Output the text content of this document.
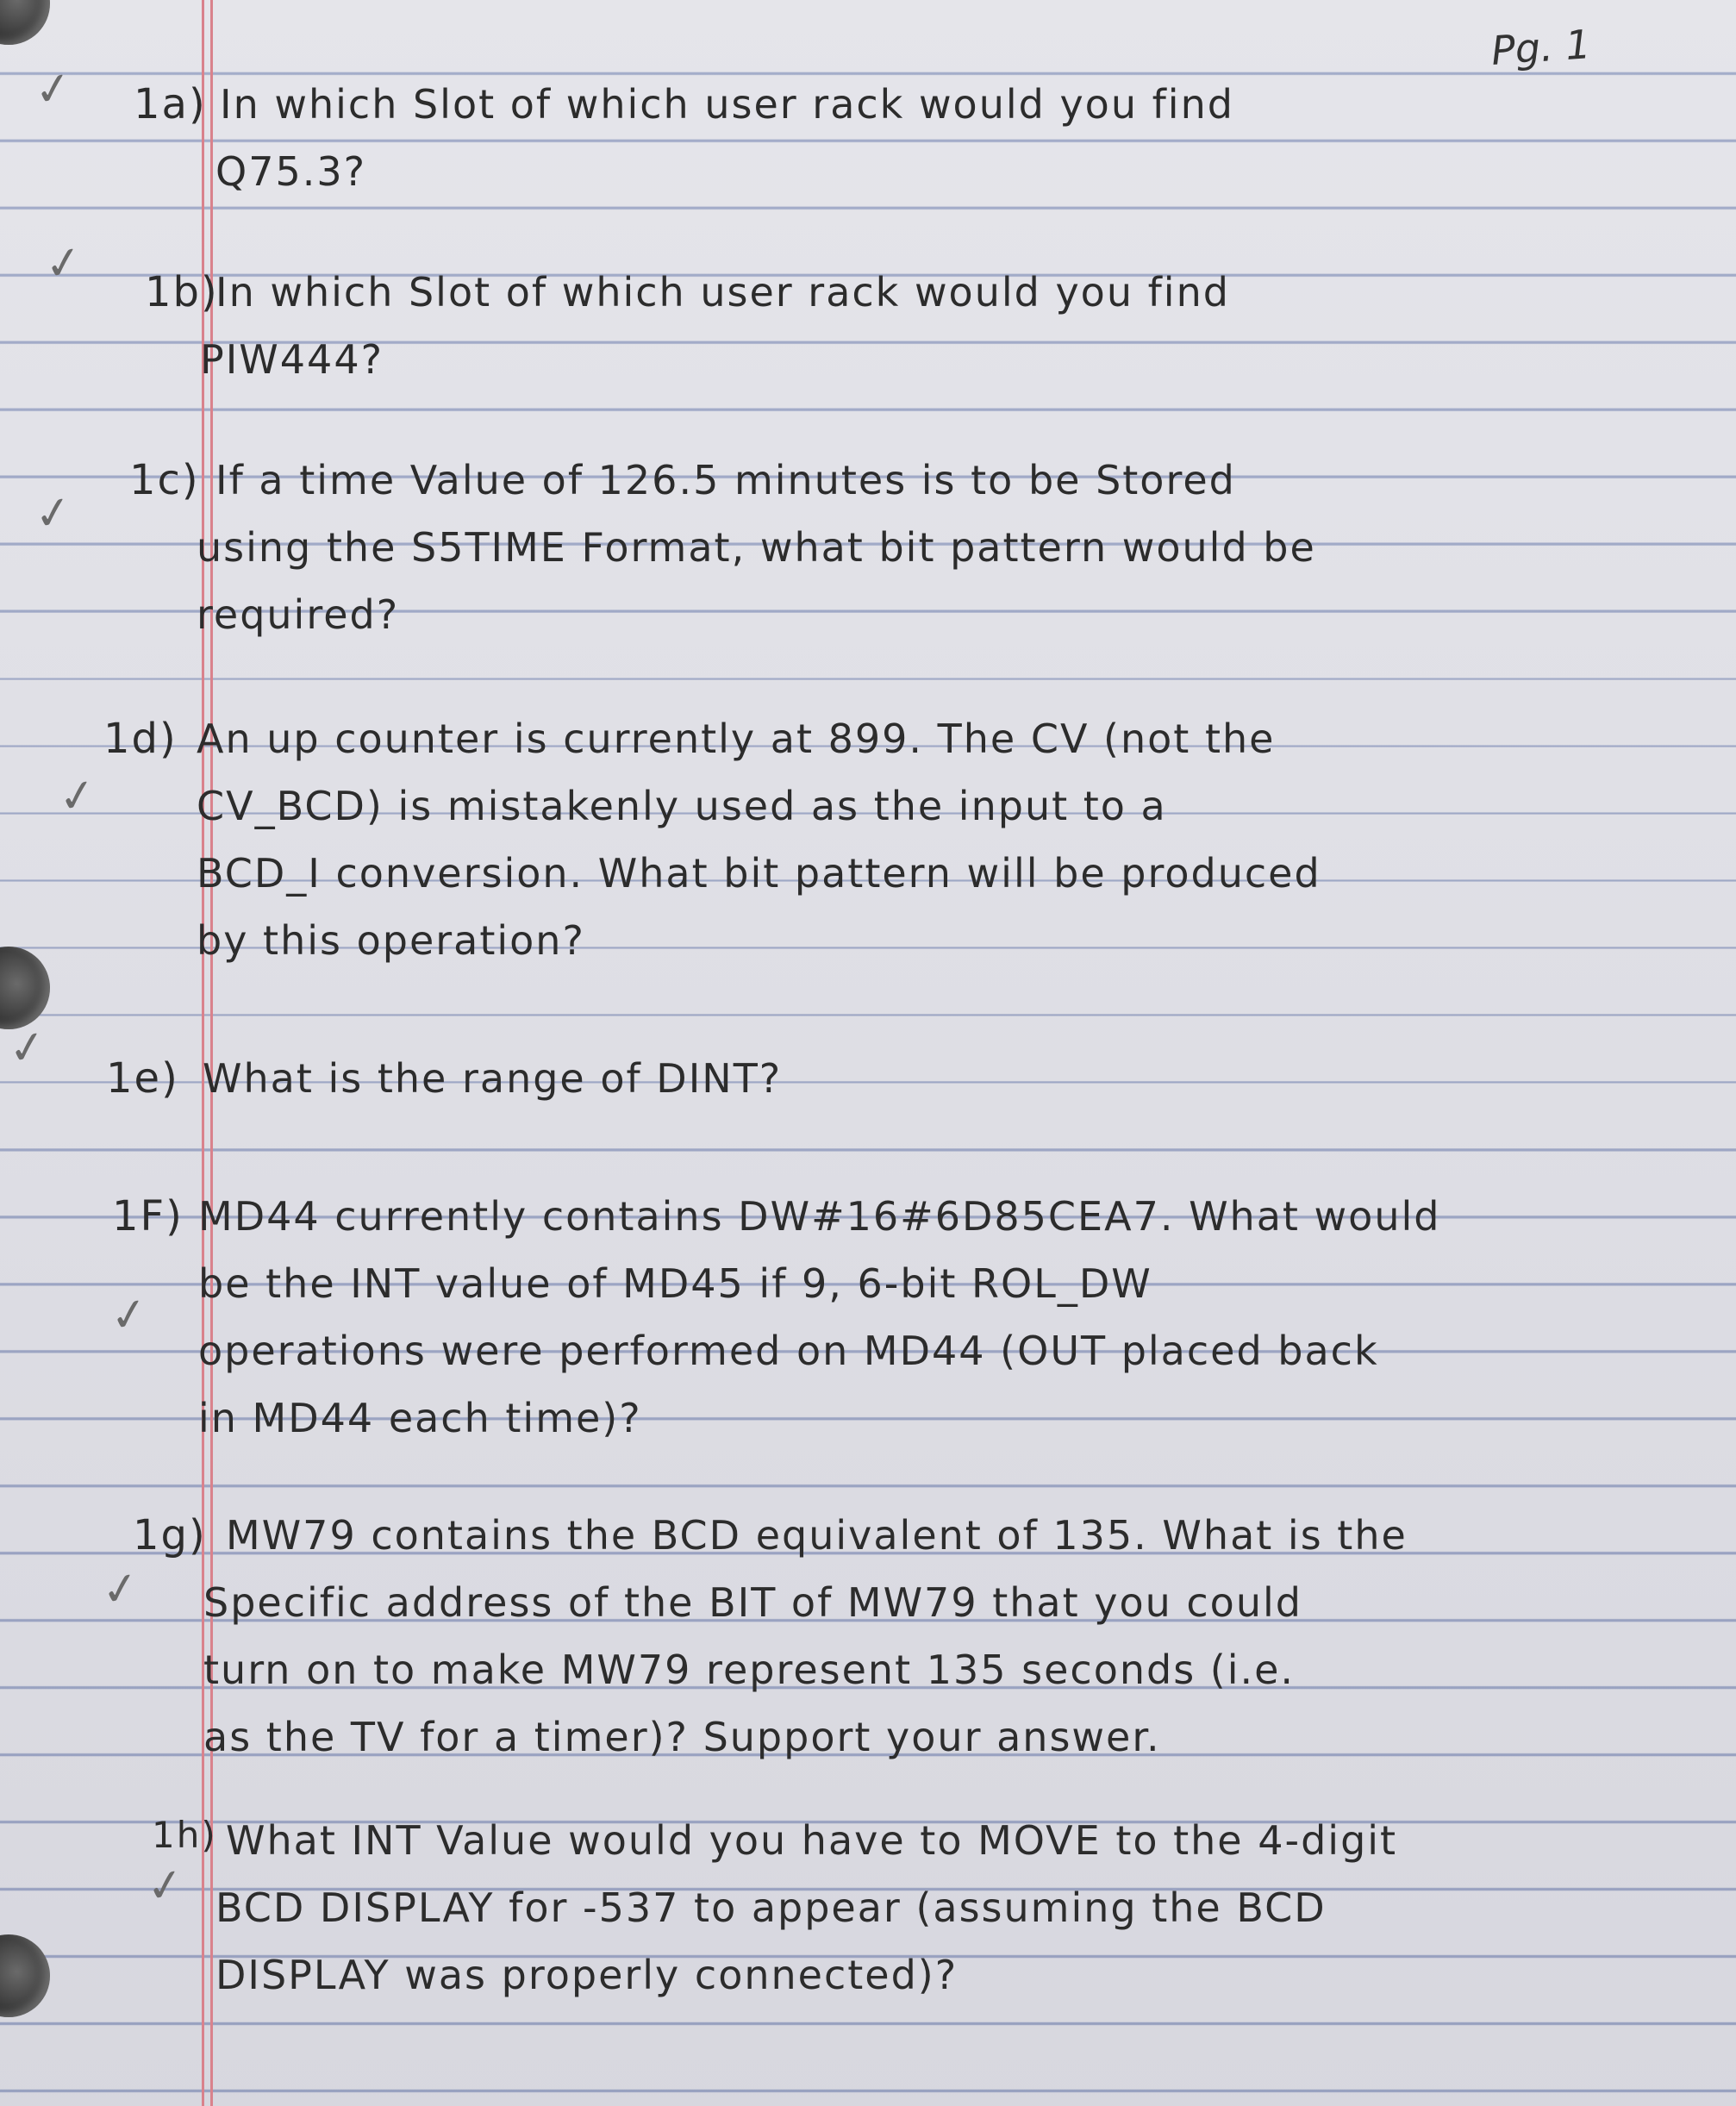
Pg. 1
✓
✓
✓
✓
✓
✓
✓
✓
1a) In which Slot of which user rack would you find
Q75.3?
1b)
In which Slot of which user rack would you find
PIW444?
1c) If a time Value of 126.5 minutes is to be Stored
using the S5TIME Format, what bit pattern would be
required?
1d) An up counter is currently at 899. The CV (not the
CV_BCD) is mistakenly used as the input to a
BCD_I conversion. What bit pattern will be produced
by this operation?
1e) What is the range of DINT?
1F) MD44 currently contains DW#16#6D85CEA7. What would
be the INT value of MD45 if 9, 6-bit ROL_DW
operations were performed on MD44 (OUT placed back
in MD44 each time)?
1g) MW79 contains the BCD equivalent of 135. What is the
Specific address of the BIT of MW79 that you could
turn on to make MW79 represent 135 seconds (i.e.
as the TV for a timer)? Support your answer.
1h) What INT Value would you have to MOVE to the 4-digit
BCD DISPLAY for -537 to appear (assuming the BCD
DISPLAY was properly connected)?
